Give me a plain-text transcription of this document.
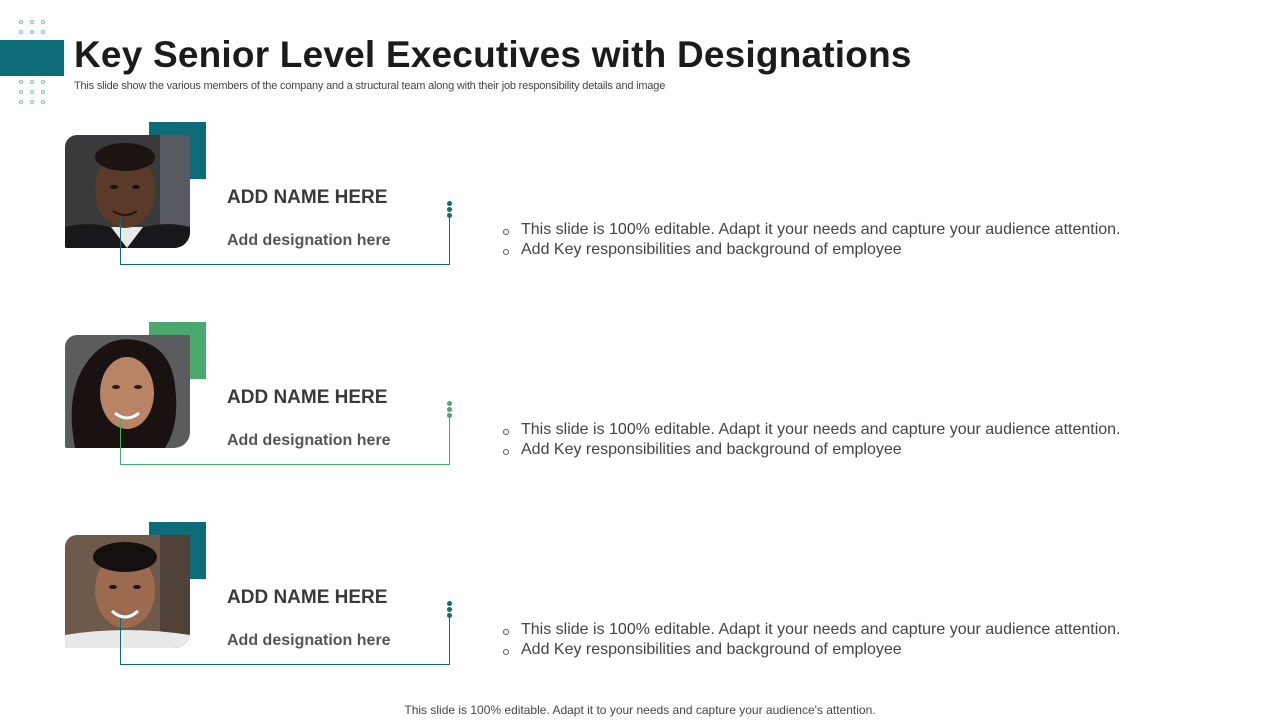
Key Senior Level Executives with Designations
This slide show the various members of the company and a structural team along with their job responsibility details and image
ADD NAME HERE
Add designation here
This slide is 100% editable. Adapt it your needs and capture your audience attention.
Add Key responsibilities and background of employee
ADD NAME HERE
Add designation here
This slide is 100% editable. Adapt it your needs and capture your audience attention.
Add Key responsibilities and background of employee
ADD NAME HERE
Add designation here
This slide is 100% editable. Adapt it your needs and capture your audience attention.
Add Key responsibilities and background of employee
This slide is 100% editable. Adapt it to your needs and capture your audience's attention.
